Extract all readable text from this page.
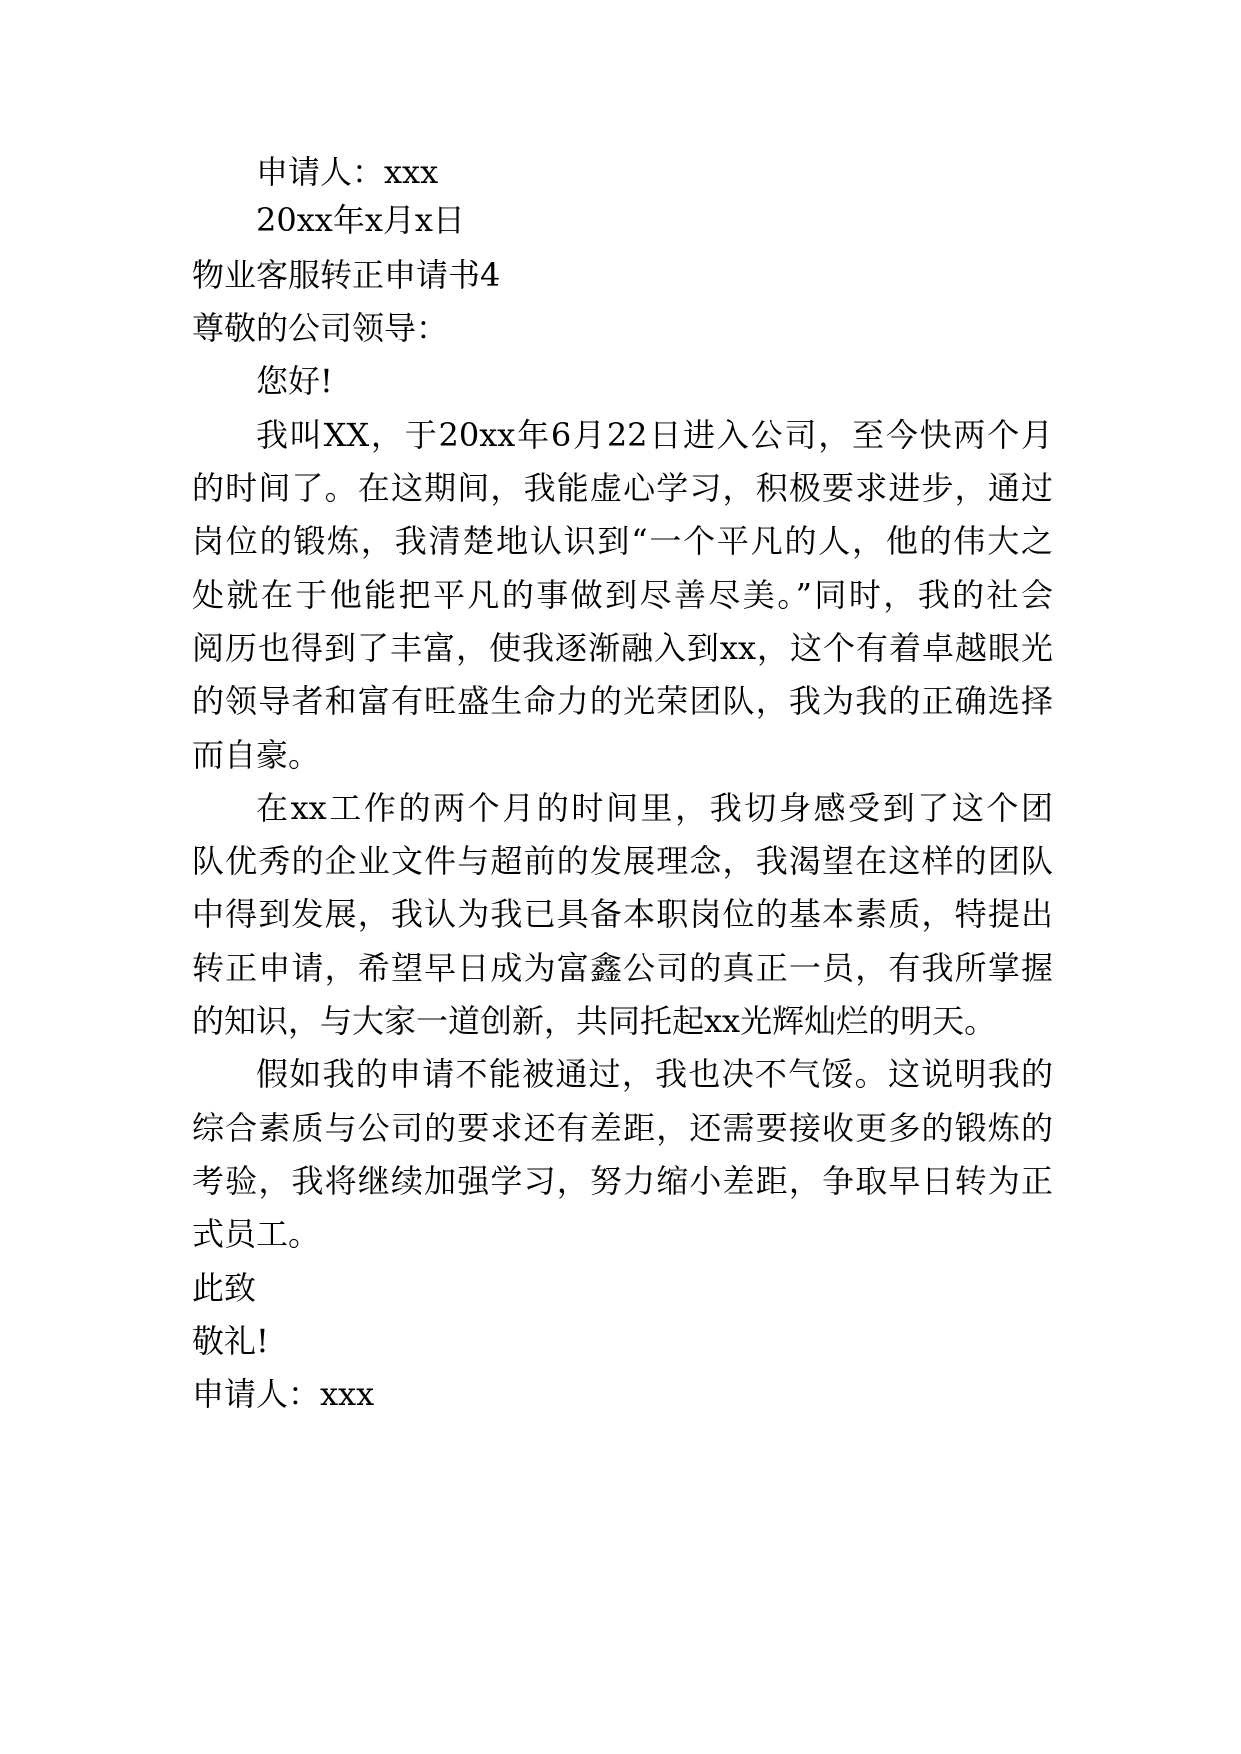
申请人：xxx

20xx年x月x日

物业客服转正申请书4

尊敬的公司领导：

您好!

我叫XX，于20xx年6月22日进入公司，至今快两个月

的时间了。在这期间，我能虚心学习，积极要求进步，通过

岗位的锻炼，我清楚地认识到“一个平凡的人，他的伟大之

处就在于他能把平凡的事做到尽善尽美。”同时，我的社会

阅历也得到了丰富，使我逐渐融入到xx，这个有着卓越眼光

的领导者和富有旺盛生命力的光荣团队，我为我的正确选择

而自豪。

在xx工作的两个月的时间里，我切身感受到了这个团

队优秀的企业文件与超前的发展理念，我渴望在这样的团队

中得到发展，我认为我已具备本职岗位的基本素质，特提出

转正申请，希望早日成为富鑫公司的真正一员，有我所掌握

的知识，与大家一道创新，共同托起xx光辉灿烂的明天。

假如我的申请不能被通过，我也决不气馁。这说明我的

综合素质与公司的要求还有差距，还需要接收更多的锻炼的

考验，我将继续加强学习，努力缩小差距，争取早日转为正

式员工。

此致

敬礼!

申请人：xxx
